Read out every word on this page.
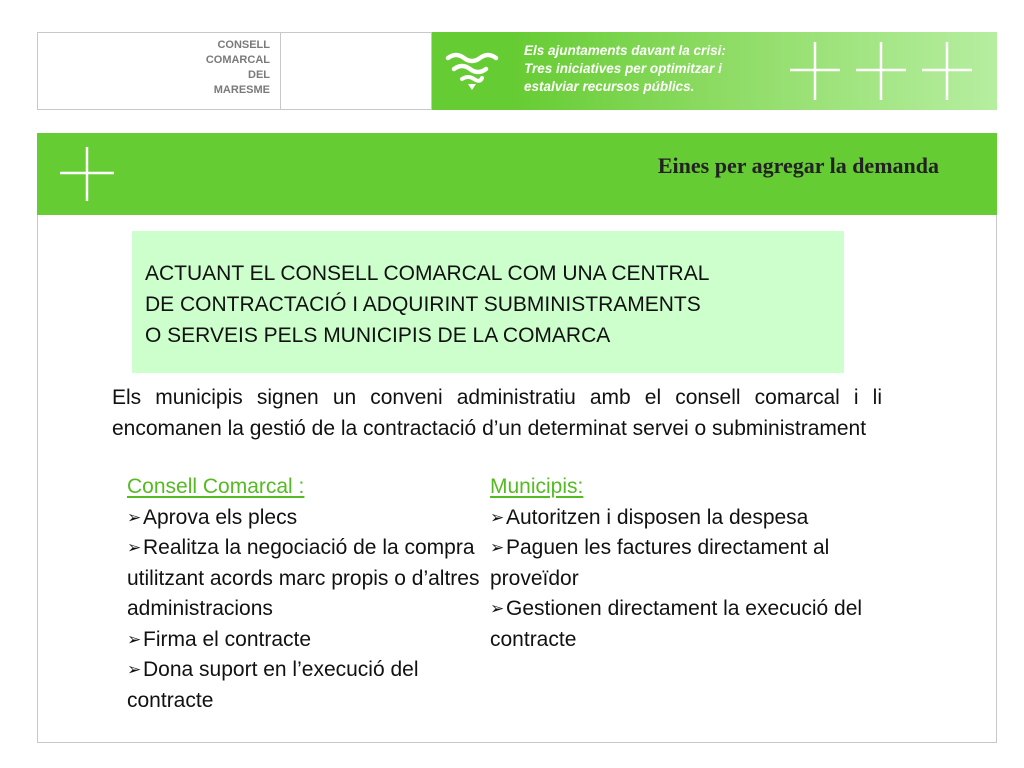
CONSELL
COMARCAL
DEL
MARESME
Els ajuntaments davant la crisi:
Tres iniciatives per optimitzar i
estalviar recursos públics.
Eines per agregar la demanda
ACTUANT EL CONSELL COMARCAL COM UNA CENTRAL
DE CONTRACTACIÓ I ADQUIRINT SUBMINISTRAMENTS
O SERVEIS PELS MUNICIPIS DE LA COMARCA
Els municipis signen un conveni administratiu amb el consell comarcal i li encomanen la gestió de la contractació d’un determinat servei o subministrament
Consell Comarcal :
➢Aprova els plecs
➢Realitza la negociació de la compra utilitzant acords marc propis o d’altres administracions
➢Firma el contracte
➢Dona suport en l’execució del contracte
Municipis:
➢Autoritzen i disposen la despesa
➢Paguen les factures directament al proveïdor
➢Gestionen directament la execució del contracte
